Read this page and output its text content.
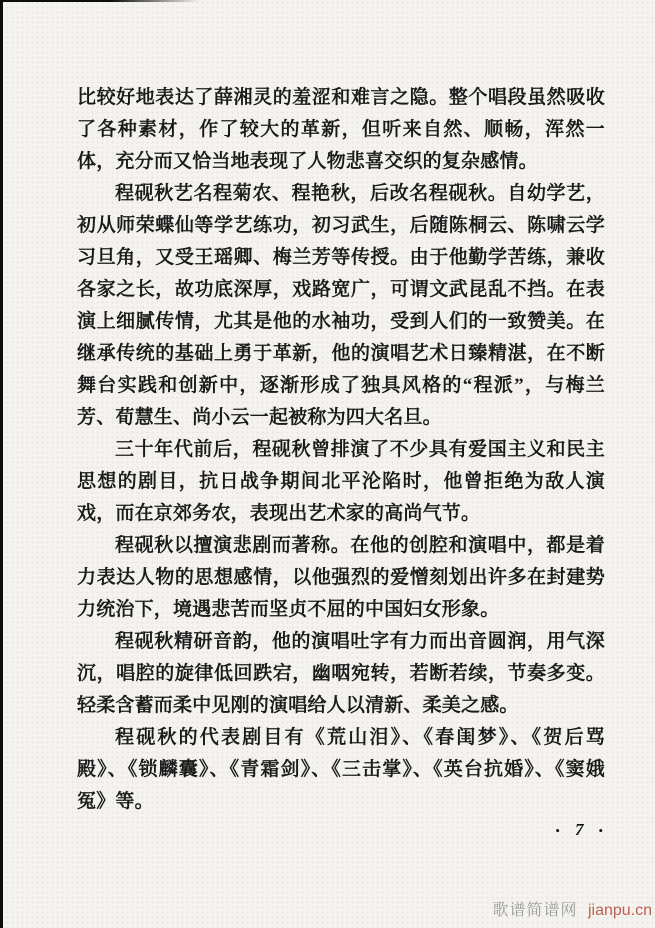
比较好地表达了薛湘灵的羞涩和难言之隐。整个唱段虽然吸收了各种素材，作了较大的革新，但听来自然、顺畅，浑然一体，充分而又恰当地表现了人物悲喜交织的复杂感情。

程砚秋艺名程菊农、程艳秋，后改名程砚秋。自幼学艺，初从师荣蝶仙等学艺练功，初习武生，后随陈桐云、陈啸云学习旦角，又受王瑶卿、梅兰芳等传授。由于他勤学苦练，兼收各家之长，故功底深厚，戏路宽广，可谓文武昆乱不挡。在表演上细腻传情，尤其是他的水袖功，受到人们的一致赞美。在继承传统的基础上勇于革新，他的演唱艺术日臻精湛，在不断舞台实践和创新中，逐渐形成了独具风格的“程派”，与梅兰芳、荀慧生、尚小云一起被称为四大名旦。

三十年代前后，程砚秋曾排演了不少具有爱国主义和民主思想的剧目，抗日战争期间北平沦陷时，他曾拒绝为敌人演戏，而在京郊务农，表现出艺术家的高尚气节。

程砚秋以擅演悲剧而著称。在他的创腔和演唱中，都是着力表达人物的思想感情，以他强烈的爱憎刻划出许多在封建势力统治下，境遇悲苦而坚贞不屈的中国妇女形象。

程砚秋精研音韵，他的演唱吐字有力而出音圆润，用气深沉，唱腔的旋律低回跌宕，幽咽宛转，若断若续，节奏多变。轻柔含蓄而柔中见刚的演唱给人以清新、柔美之感。

程砚秋的代表剧目有《荒山泪》、《春闺梦》、《贺后骂殿》、《锁麟囊》、《青霜剑》、《三击掌》、《英台抗婚》、《窦娥冤》等。

• 7 •
歌谱简谱网 jianpu.cn
